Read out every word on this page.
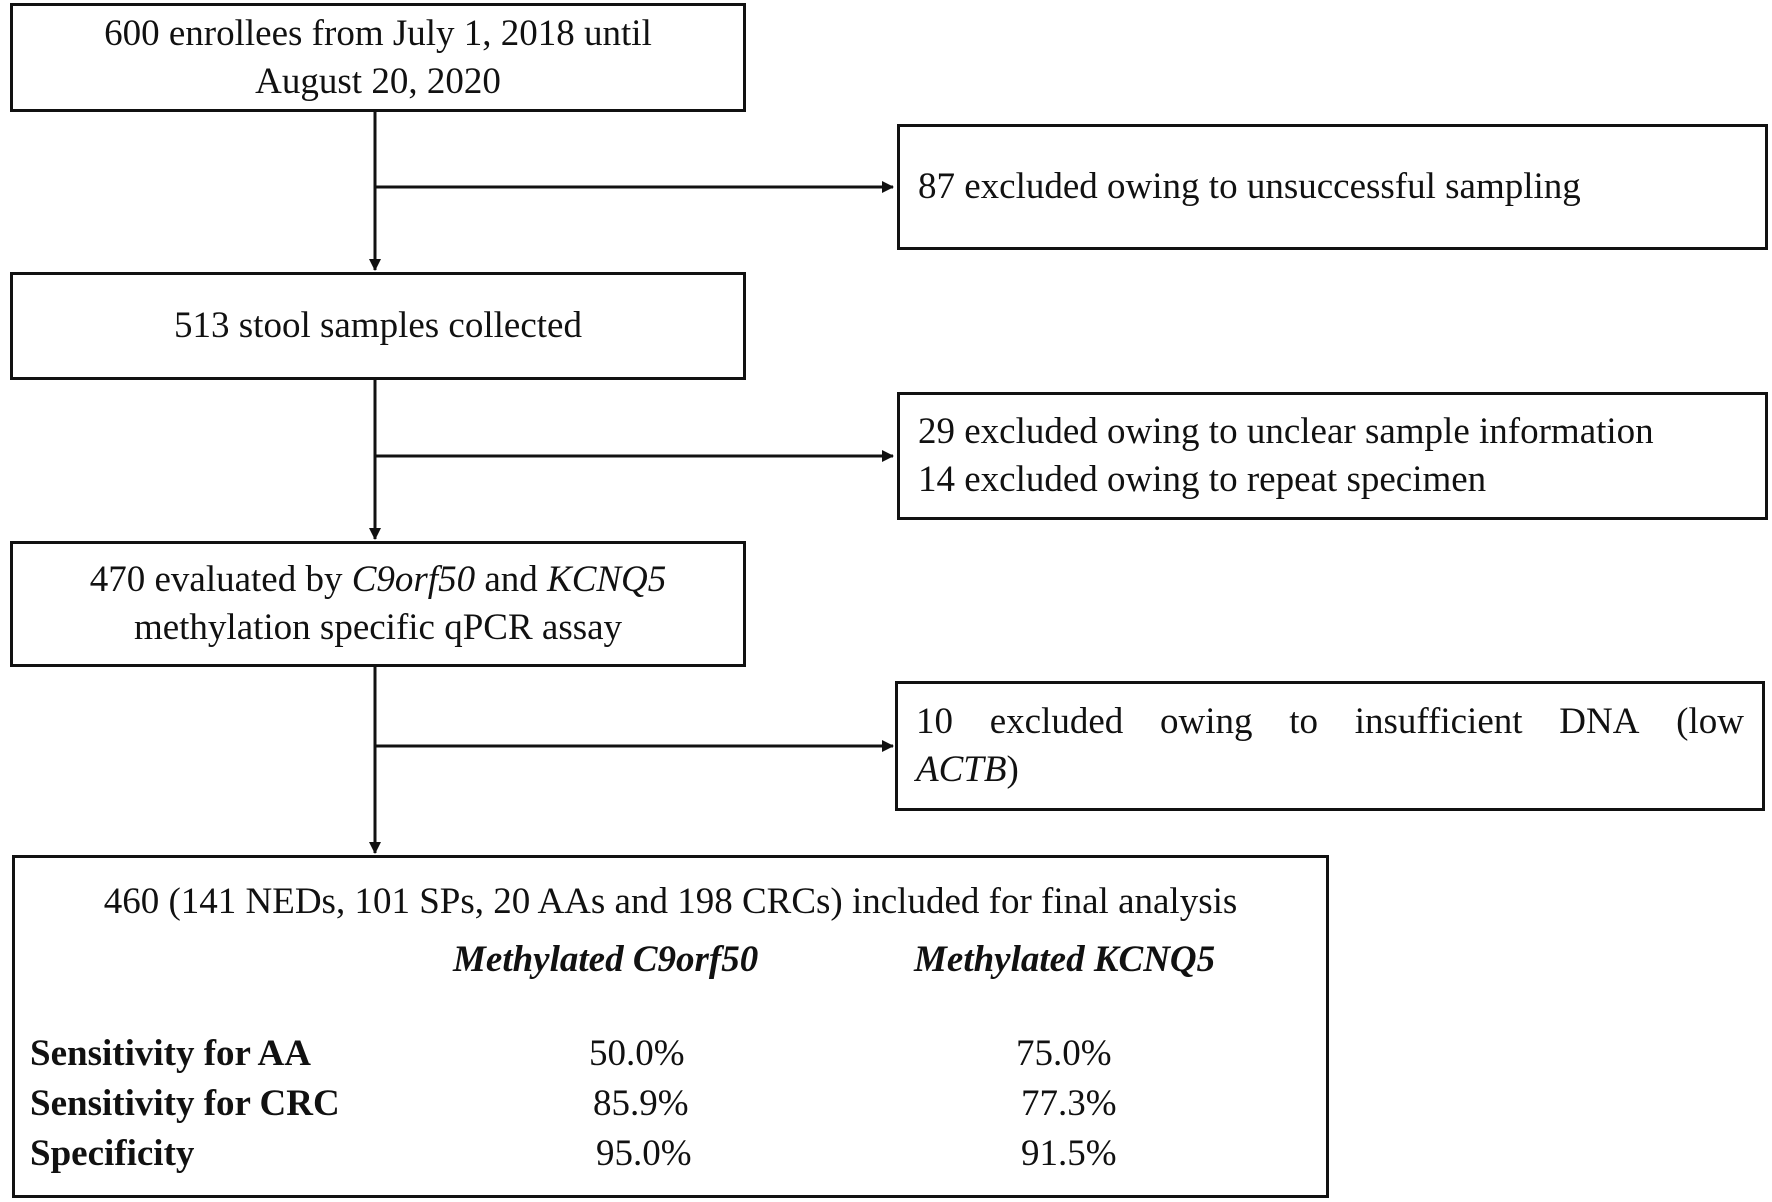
600 enrollees from July 1, 2018 until
August 20, 2020
87 excluded owing to unsuccessful sampling
513 stool samples collected
29 excluded owing to unclear sample information
14 excluded owing to repeat specimen
470 evaluated by C9orf50 and KCNQ5
methylation specific qPCR assay
10 excluded owing to insufficient DNA (low
ACTB)
460 (141 NEDs, 101 SPs, 20 AAs and 198 CRCs) included for final analysis
Methylated C9orf50	Methylated KCNQ5
Sensitivity for AA	50.0%	75.0%
Sensitivity for CRC	85.9%	77.3%
Specificity	95.0%	91.5%
